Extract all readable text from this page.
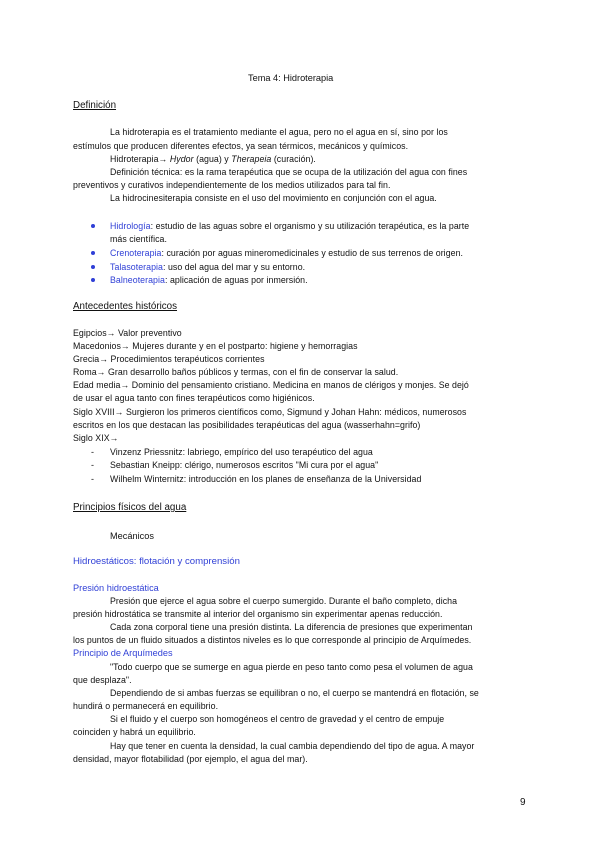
Tema 4: Hidroterapia
Definición
La hidroterapia es el tratamiento mediante el agua, pero no el agua en sí, sino por los
estímulos que producen diferentes efectos, ya sean térmicos, mecánicos y químicos.
Hidroterapia→ Hydor (agua) y Therapeia (curación).
Definición técnica: es la rama terapéutica que se ocupa de la utilización del agua con fines
preventivos y curativos independientemente de los medios utilizados para tal fin.
La hidrocinesiterapia consiste en el uso del movimiento en conjunción con el agua.
Hidrología: estudio de las aguas sobre el organismo y su utilización terapéutica, es la parte
más científica.
Crenoterapia: curación por aguas mineromedicinales y estudio de sus terrenos de origen.
Talasoterapia: uso del agua del mar y su entorno.
Balneoterapia: aplicación de aguas por inmersión.
Antecedentes históricos
Egipcios→ Valor preventivo
Macedonios→ Mujeres durante y en el postparto: higiene y hemorragias
Grecia→ Procedimientos terapéuticos corrientes
Roma→ Gran desarrollo baños públicos y termas, con el fin de conservar la salud.
Edad media→ Dominio del pensamiento cristiano. Medicina en manos de clérigos y monjes. Se dejó
de usar el agua tanto con fines terapéuticos como higiénicos.
Siglo XVIII→ Surgieron los primeros científicos como, Sigmund y Johan Hahn: médicos, numerosos
escritos en los que destacan las posibilidades terapéuticas del agua (wasserhahn=grifo)
Siglo XIX→
- Vinzenz Priessnitz: labriego, empírico del uso terapéutico del agua
- Sebastian Kneipp: clérigo, numerosos escritos "Mi cura por el agua"
- Wilhelm Winternitz: introducción en los planes de enseñanza de la Universidad
Principios físicos del agua
Mecánicos
Hidroestáticos: flotación y comprensión
Presión hidroestática
Presión que ejerce el agua sobre el cuerpo sumergido. Durante el baño completo, dicha
presión hidrostática se transmite al interior del organismo sin experimentar apenas reducción.
Cada zona corporal tiene una presión distinta. La diferencia de presiones que experimentan
los puntos de un fluido situados a distintos niveles es lo que corresponde al principio de Arquímedes.
Principio de Arquímedes
"Todo cuerpo que se sumerge en agua pierde en peso tanto como pesa el volumen de agua
que desplaza".
Dependiendo de si ambas fuerzas se equilibran o no, el cuerpo se mantendrá en flotación, se
hundirá o permanecerá en equilibrio.
Si el fluido y el cuerpo son homogéneos el centro de gravedad y el centro de empuje
coinciden y habrá un equilibrio.
Hay que tener en cuenta la densidad, la cual cambia dependiendo del tipo de agua. A mayor
densidad, mayor flotabilidad (por ejemplo, el agua del mar).
9
